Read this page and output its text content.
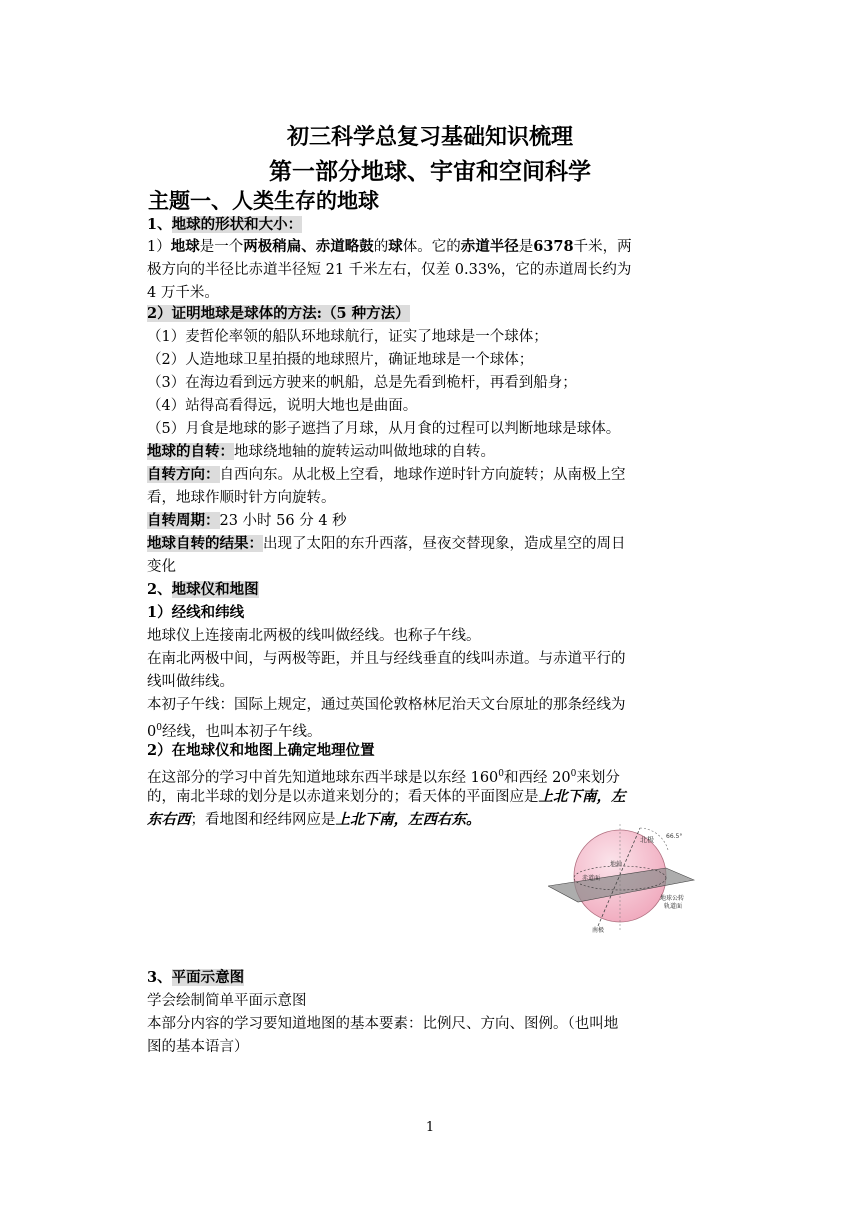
初三科学总复习基础知识梳理
第一部分地球、宇宙和空间科学
主题一、人类生存的地球
1、地球的形状和大小：
1）地球是一个两极稍扁、赤道略鼓的球体。它的赤道半径是6378千米，两
极方向的半径比赤道半径短 21 千米左右，仅差 0.33%，它的赤道周长约为
4 万千米。
2）证明地球是球体的方法:（5 种方法）
（1）麦哲伦率领的船队环地球航行，证实了地球是一个球体；
（2）人造地球卫星拍摄的地球照片，确证地球是一个球体；
（3）在海边看到远方驶来的帆船，总是先看到桅杆，再看到船身；
（4）站得高看得远，说明大地也是曲面。
（5）月食是地球的影子遮挡了月球，从月食的过程可以判断地球是球体。
地球的自转：地球绕地轴的旋转运动叫做地球的自转。
自转方向：自西向东。从北极上空看，地球作逆时针方向旋转；从南极上空
看，地球作顺时针方向旋转。
自转周期：23 小时 56 分 4 秒
地球自转的结果：出现了太阳的东升西落，昼夜交替现象，造成星空的周日
变化
2、地球仪和地图
1）经线和纬线
地球仪上连接南北两极的线叫做经线。也称子午线。
在南北两极中间，与两极等距，并且与经线垂直的线叫赤道。与赤道平行的
线叫做纬线。
本初子午线：国际上规定，通过英国伦敦格林尼治天文台原址的那条经线为
$0^0$经线，也叫本初子午线。
2）在地球仪和地图上确定地理位置
在这部分的学习中首先知道地球东西半球是以东经 $160^0$和西经 $20^0$来划分
的，南北半球的划分是以赤道来划分的；看天体的平面图应是上北下南，左
东右西；看地图和经纬网应是上北下南，左西右东。
北极
地轴
赤道面
地球公转
轨道面
南极
66.5°
3、平面示意图
学会绘制简单平面示意图
本部分内容的学习要知道地图的基本要素：比例尺、方向、图例。（也叫地
图的基本语言）
1
